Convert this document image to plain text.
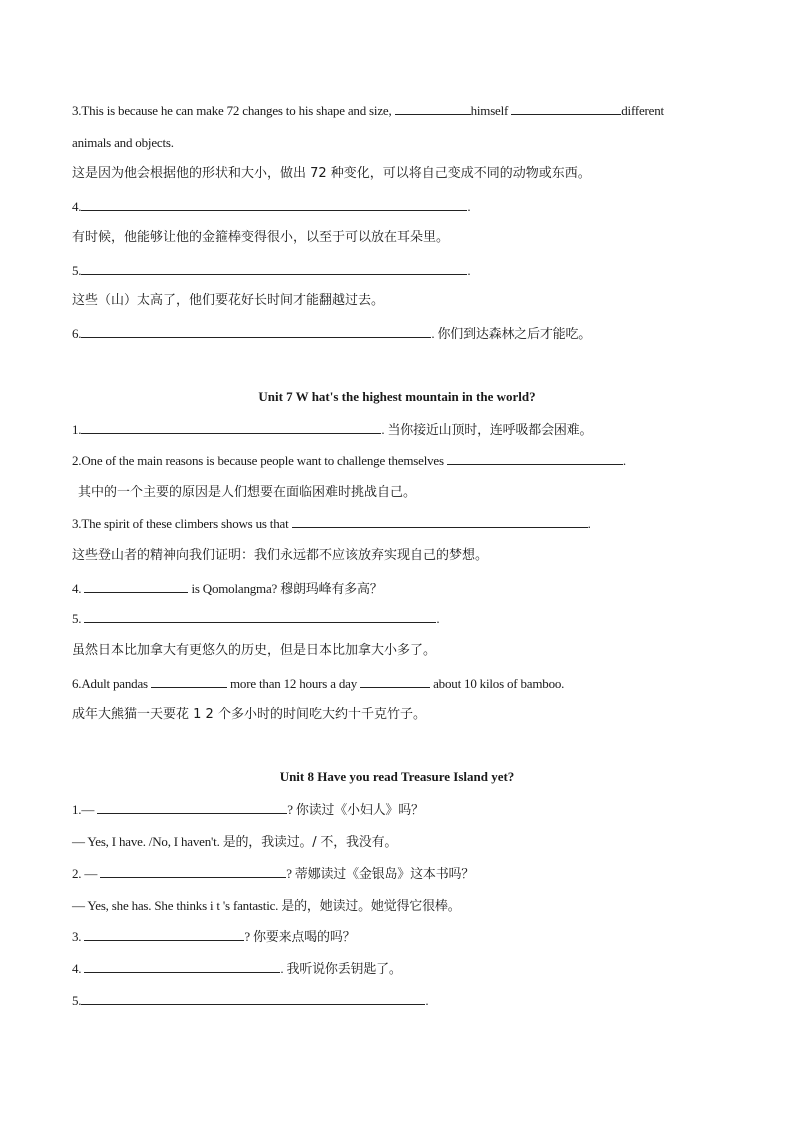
3.This is because he can make 72 changes to his shape and size,	himself	different
animals and objects.
这是因为他会根据他的形状和大小，做出 72 种变化，可以将自己变成不同的动物或东西。
4.	.
有时候，他能够让他的金箍棒变得很小，以至于可以放在耳朵里。
5.	.
这些（山）太高了，他们要花好长时间才能翻越过去。
6.	. 你们到达森林之后才能吃。
Unit 7 W hat's the highest mountain in the world?
1.	. 当你接近山顶时，连呼吸都会困难。
2.One of the main reasons is because people want to challenge themselves	.
其中的一个主要的原因是人们想要在面临困难时挑战自己。
3.The spirit of these climbers shows us that	.
这些登山者的精神向我们证明：我们永远都不应该放弃实现自己的梦想。
4.	is Qomolangma? 穆朗玛峰有多高？
5.	.
虽然日本比加拿大有更悠久的历史，但是日本比加拿大小多了。
6.Adult pandas	more than 12 hours a day	about 10 kilos of bamboo.
成年大熊猫一天要花 1 2 个多小时的时间吃大约十千克竹子。
Unit 8 Have you read Treasure Island yet?
1.—	? 你读过《小妇人》吗？
— Yes, I have. /No, I haven't. 是的，我读过。/ 不，我没有。
2. —	? 蒂娜读过《金银岛》这本书吗？
— Yes, she has. She thinks i t 's fantastic. 是的，她读过。她觉得它很棒。
3.	? 你要来点喝的吗？
4.	. 我听说你丢钥匙了。
5.	.
